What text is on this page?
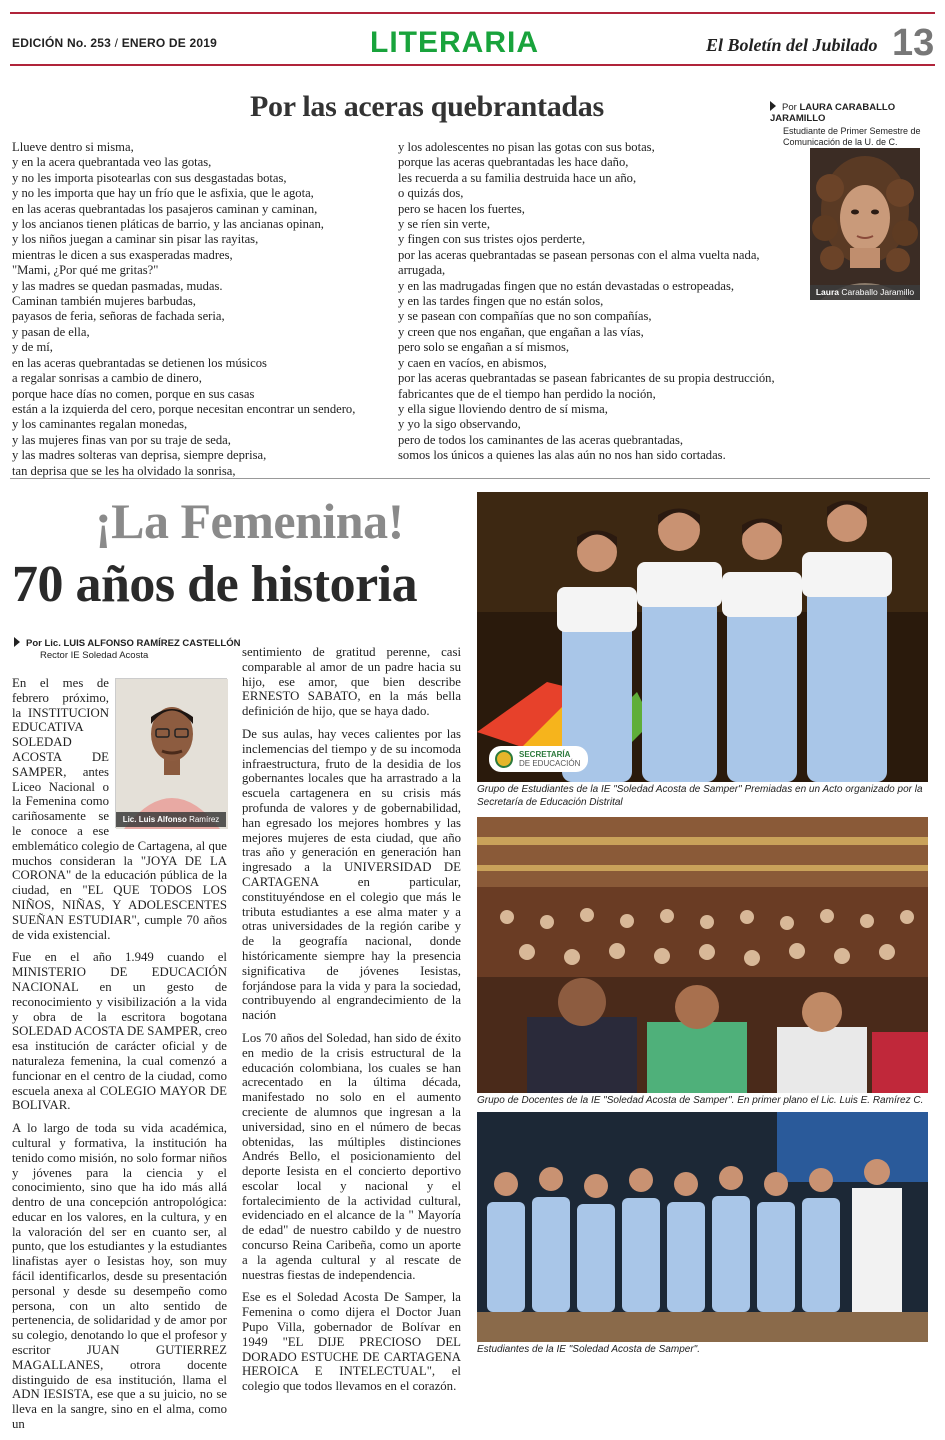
EDICIÓN No. 253 / ENERO DE 2019	LITERARIA	El Boletín del Jubilado 13
Por las aceras quebrantadas	Por LAURA CARABALLO JARAMILLO
Estudiante de Primer Semestre de Comunicación de la U. de C.
Laura Caraballo Jaramillo
Llueve dentro si misma,
y en la acera quebrantada veo las gotas,
y no les importa pisotearlas con sus desgastadas botas,
y no les importa que hay un frío que le asfixia, que le agota,
en las aceras quebrantadas los pasajeros caminan y caminan,
y los ancianos tienen pláticas de barrio, y las ancianas opinan,
y los niños juegan a caminar sin pisar las rayitas,
mientras le dicen a sus exasperadas madres,
"Mami, ¿Por qué me gritas?"
y las madres se quedan pasmadas, mudas.
Caminan también mujeres barbudas,
payasos de feria, señoras de fachada seria,
y pasan de ella,
y de mí,
en las aceras quebrantadas se detienen los músicos
a regalar sonrisas a cambio de dinero,
porque hace días no comen, porque en sus casas
están a la izquierda del cero, porque necesitan encontrar un sendero,
y los caminantes regalan monedas,
y las mujeres finas van por su traje de seda,
y las madres solteras van deprisa, siempre deprisa,
tan deprisa que se les ha olvidado la sonrisa,
y los adolescentes no pisan las gotas con sus botas,
porque las aceras quebrantadas les hace daño,
les recuerda a su familia destruida hace un año,
o quizás dos,
pero se hacen los fuertes,
y se ríen sin verte,
y fingen con sus tristes ojos perderte,
por las aceras quebrantadas se pasean personas con el alma vuelta nada,
arrugada,
y en las madrugadas fingen que no están devastadas o estropeadas,
y en las tardes fingen que no están solos,
y se pasean con compañías que no son compañías,
y creen que nos engañan, que engañan a las vías,
pero solo se engañan a sí mismos,
y caen en vacíos, en abismos,
por las aceras quebrantadas se pasean fabricantes de su propia destrucción,
fabricantes que de el tiempo han perdido la noción,
y ella sigue lloviendo dentro de sí misma,
y yo la sigo observando,
pero de todos los caminantes de las aceras quebrantadas,
somos los únicos a quienes las alas aún no nos han sido cortadas.
¡La Femenina!
70 años de historia
Por Lic. LUIS ALFONSO RAMÍREZ CASTELLÓN
Rector IE Soledad Acosta
Lic. Luis Alfonso Ramírez Castellón

En el mes de febrero próximo, la INSTITUCION EDUCATIVA SOLEDAD ACOSTA DE SAMPER, antes Liceo Nacional o la Femenina como cariñosamente se le conoce a ese emblemático colegio de Cartagena, al que muchos consideran la "JOYA DE LA CORONA" de la educación pública de la ciudad, en "EL QUE TODOS LOS NIÑOS, NIÑAS, Y ADOLESCENTES SUEÑAN ESTUDIAR", cumple 70 años de vida existencial.

Fue en el año 1.949 cuando el MINISTERIO DE EDUCACIÓN NACIONAL en un gesto de reconocimiento y visibilización a la vida y obra de la escritora bogotana SOLEDAD ACOSTA DE SAMPER, creo esa institución de carácter oficial y de naturaleza femenina, la cual comenzó a funcionar en el centro de la ciudad, como escuela anexa al COLEGIO MAYOR DE BOLIVAR.

A lo largo de toda su vida académica, cultural y formativa, la institución ha tenido como misión, no solo formar niños y jóvenes para la ciencia y el conocimiento, sino que ha ido más allá dentro de una concepción antropológica: educar en los valores, en la cultura, y en la valoración del ser en cuanto ser, al punto, que los estudiantes y la estudiantes linafistas ayer o Iesistas hoy, son muy fácil identificarlos, desde su presentación personal y desde su desempeño como persona, con un alto sentido de pertenencia, de solidaridad y de amor por su colegio, denotando lo que el profesor y escritor JUAN GUTIERREZ MAGALLANES, otrora docente distinguido de esa institución, llama el ADN IESISTA, ese que a su juicio, no se lleva en la sangre, sino en el alma, como un

sentimiento de gratitud perenne, casi comparable al amor de un padre hacia su hijo, ese amor, que bien describe ERNESTO SABATO, en la más bella definición de hijo, que se haya dado.

De sus aulas, hay veces calientes por las inclemencias del tiempo y de su incomoda infraestructura, fruto de la desidia de los gobernantes locales que ha arrastrado a la escuela cartagenera en su crisis más profunda de valores y de gobernabilidad, han egresado los mejores hombres y las mejores mujeres de esta ciudad, que año tras año y generación en generación han ingresado a la UNIVERSIDAD DE CARTAGENA en particular, constituyéndose en el colegio que más le tributa estudiantes a ese alma mater y a otras universidades de la región caribe y de la geografía nacional, donde históricamente siempre hay la presencia significativa de jóvenes Iesistas, forjándose para la vida y para la sociedad, contribuyendo al engrandecimiento de la nación

Los 70 años del Soledad, han sido de éxito en medio de la crisis estructural de la educación colombiana, los cuales se han acrecentado en la última década, manifestado no solo en el aumento creciente de alumnos que ingresan a la universidad, sino en el número de becas obtenidas, las múltiples distinciones Andrés Bello, el posicionamiento del deporte Iesista en el concierto deportivo escolar local y nacional y el fortalecimiento de la actividad cultural, evidenciado en el alcance de la " Mayoría de edad" de nuestro cabildo y de nuestro concurso Reina Caribeña, como un aporte a la agenda cultural y al rescate de nuestras fiestas de independencia.

Ese es el Soledad Acosta De Samper, la Femenina o como dijera el Doctor Juan Pupo Villa, gobernador de Bolívar en 1949 "EL DIJE PRECIOSO DEL DORADO ESTUCHE DE CARTAGENA HEROICA E INTELECTUAL", el colegio que todos llevamos en el corazón.

SECRETARÍA
DE EDUCACIÓN
Grupo de Estudiantes de la IE "Soledad Acosta de Samper" Premiadas en un Acto organizado por la Secretaría de Educación Distrital
Grupo de Docentes de la IE "Soledad Acosta de Samper". En primer plano el Lic. Luis E. Ramírez C.
Estudiantes de la IE "Soledad Acosta de Samper".
